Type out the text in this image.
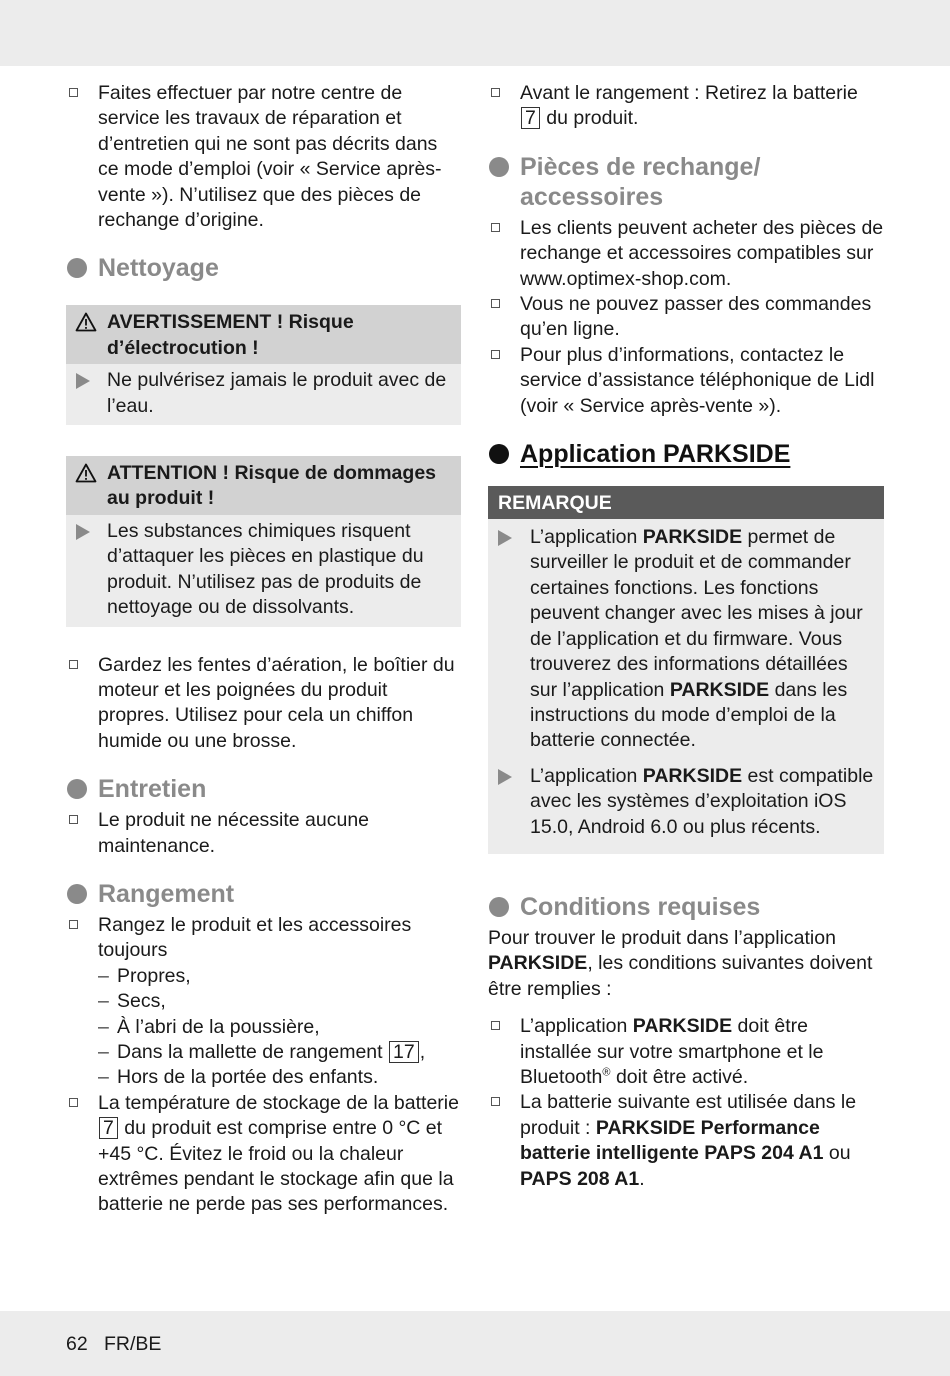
Faites effectuer par notre centre de service les travaux de réparation et d’entretien qui ne sont pas décrits dans ce mode d’emploi (voir « Service après-vente »). N’utilisez que des pièces de rechange d’origine.
Nettoyage
AVERTISSEMENT ! Risque d’électrocution !
Ne pulvérisez jamais le produit avec de l’eau.
ATTENTION ! Risque de dommages au produit !
Les substances chimiques risquent d’attaquer les pièces en plastique du produit. N’utilisez pas de produits de nettoyage ou de dissolvants.
Gardez les fentes d’aération, le boîtier du moteur et les poignées du produit propres. Utilisez pour cela un chiffon humide ou une brosse.
Entretien
Le produit ne nécessite aucune maintenance.
Rangement
Rangez le produit et les accessoires toujours
– Propres,
– Secs,
– À l’abri de la poussière,
– Dans la mallette de rangement 17 ,
– Hors de la portée des enfants.
La température de stockage de la batterie 7 du produit est comprise entre 0 °C et +45 °C. Évitez le froid ou la chaleur extrêmes pendant le stockage afin que la batterie ne perde pas ses performances.
Avant le rangement : Retirez la batterie 7 du produit.
Pièces de rechange/ accessoires
Les clients peuvent acheter des pièces de rechange et accessoires compatibles sur www.optimex-shop.com.
Vous ne pouvez passer des commandes qu’en ligne.
Pour plus d’informations, contactez le service d’assistance téléphonique de Lidl (voir « Service après-vente »).
Application PARKSIDE
REMARQUE
L’application PARKSIDE permet de surveiller le produit et de commander certaines fonctions. Les fonctions peuvent changer avec les mises à jour de l’application et du firmware. Vous trouverez des informations détaillées sur l’application PARKSIDE dans les instructions du mode d’emploi de la batterie connectée.
L’application PARKSIDE est compatible avec les systèmes d’exploitation iOS 15.0, Android 6.0 ou plus récents.
Conditions requises
Pour trouver le produit dans l’application PARKSIDE, les conditions suivantes doivent être remplies :
L’application PARKSIDE doit être installée sur votre smartphone et le Bluetooth® doit être activé.
La batterie suivante est utilisée dans le produit : PARKSIDE Performance batterie intelligente PAPS 204 A1 ou PAPS 208 A1.
62 FR/BE
